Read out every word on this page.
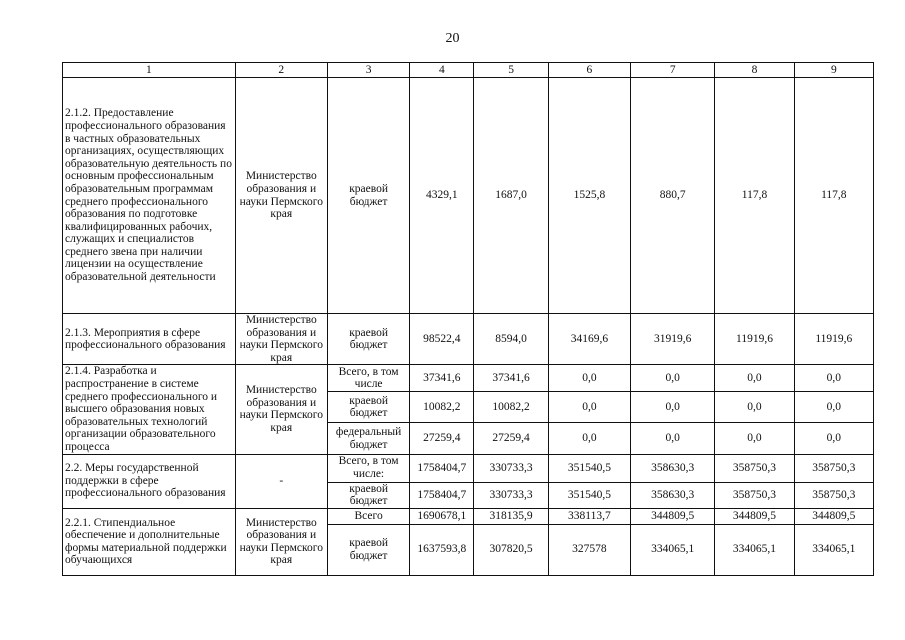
20
1	2	3	4	5	6	7	8	9
2.1.2. Предоставление профессионального образования в частных образовательных организациях, осуществляющих образовательную деятельность по основным профессиональным образовательным программам среднего профессионального образования по подготовке квалифицированных рабочих, служащих и специалистов среднего звена при наличии лицензии на осуществление образовательной деятельности	Министерство образования и науки Пермского края	краевой бюджет	4329,1	1687,0	1525,8	880,7	117,8	117,8
2.1.3. Мероприятия в сфере профессионального образования	Министерство образования и науки Пермского края	краевой бюджет	98522,4	8594,0	34169,6	31919,6	11919,6	11919,6
2.1.4. Разработка и распространение в системе среднего профессионального и высшего образования новых образовательных технологий организации образовательного процесса	Министерство образования и науки Пермского края	Всего, в том числе	37341,6	37341,6	0,0	0,0	0,0	0,0
		краевой бюджет	10082,2	10082,2	0,0	0,0	0,0	0,0
		федеральный бюджет	27259,4	27259,4	0,0	0,0	0,0	0,0
2.2. Меры государственной поддержки в сфере профессионального образования	-	Всего, в том числе:	1758404,7	330733,3	351540,5	358630,3	358750,3	358750,3
		краевой бюджет	1758404,7	330733,3	351540,5	358630,3	358750,3	358750,3
2.2.1. Стипендиальное обеспечение и дополнительные формы материальной поддержки обучающихся	Министерство образования и науки Пермского края	Всего	1690678,1	318135,9	338113,7	344809,5	344809,5	344809,5
		краевой бюджет	1637593,8	307820,5	327578	334065,1	334065,1	334065,1
